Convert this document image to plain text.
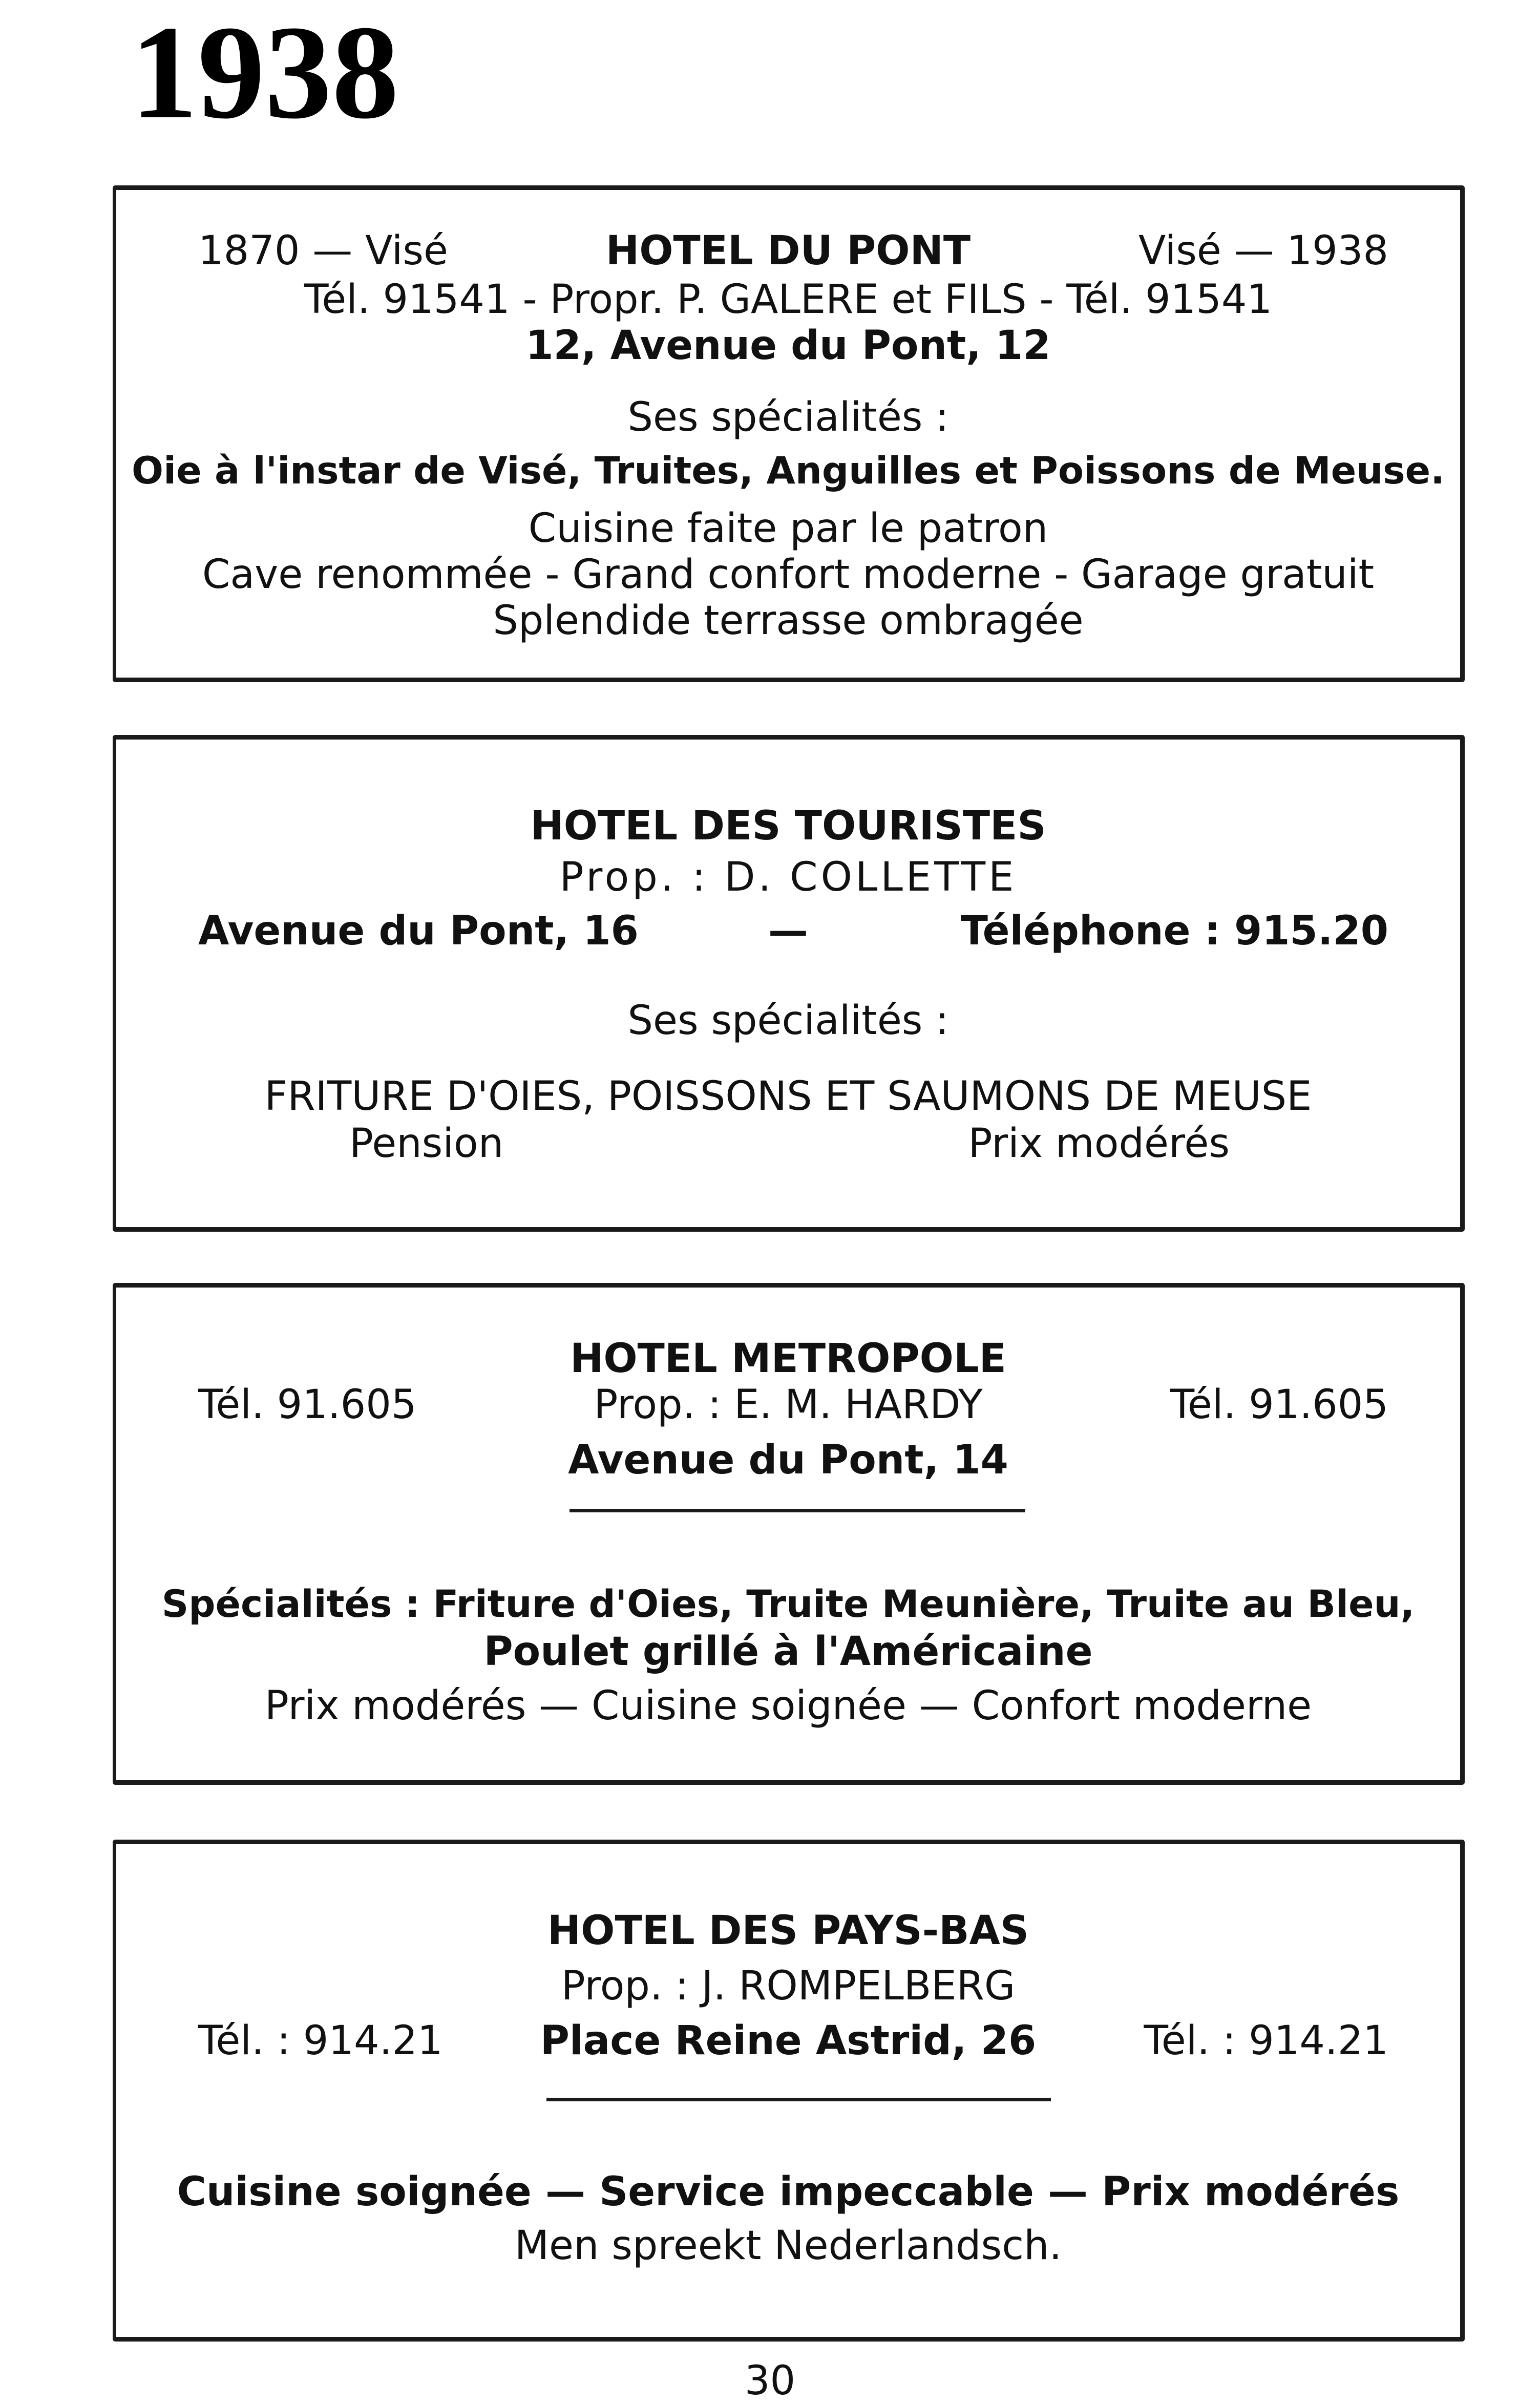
1938
1870 — Visé	HOTEL DU PONT	Visé — 1938
Tél. 91541 - Propr. P. GALERE et FILS - Tél. 91541
12, Avenue du Pont, 12
Ses spécialités :
Oie à l'instar de Visé, Truites, Anguilles et Poissons de Meuse.
Cuisine faite par le patron
Cave renommée - Grand confort moderne - Garage gratuit
Splendide terrasse ombragée
HOTEL DES TOURISTES
Prop. : D. COLLETTE
Avenue du Pont, 16	—	Téléphone : 915.20
Ses spécialités :
FRITURE D'OIES, POISSONS ET SAUMONS DE MEUSE
Pension	Prix modérés
HOTEL METROPOLE
Tél. 91.605	Prop. : E. M. HARDY	Tél. 91.605
Avenue du Pont, 14
Spécialités : Friture d'Oies, Truite Meunière, Truite au Bleu,
Poulet grillé à l'Américaine
Prix modérés — Cuisine soignée — Confort moderne
HOTEL DES PAYS-BAS
Prop. : J. ROMPELBERG
Tél. : 914.21	Place Reine Astrid, 26	Tél. : 914.21
Cuisine soignée — Service impeccable — Prix modérés
Men spreekt Nederlandsch.
30
